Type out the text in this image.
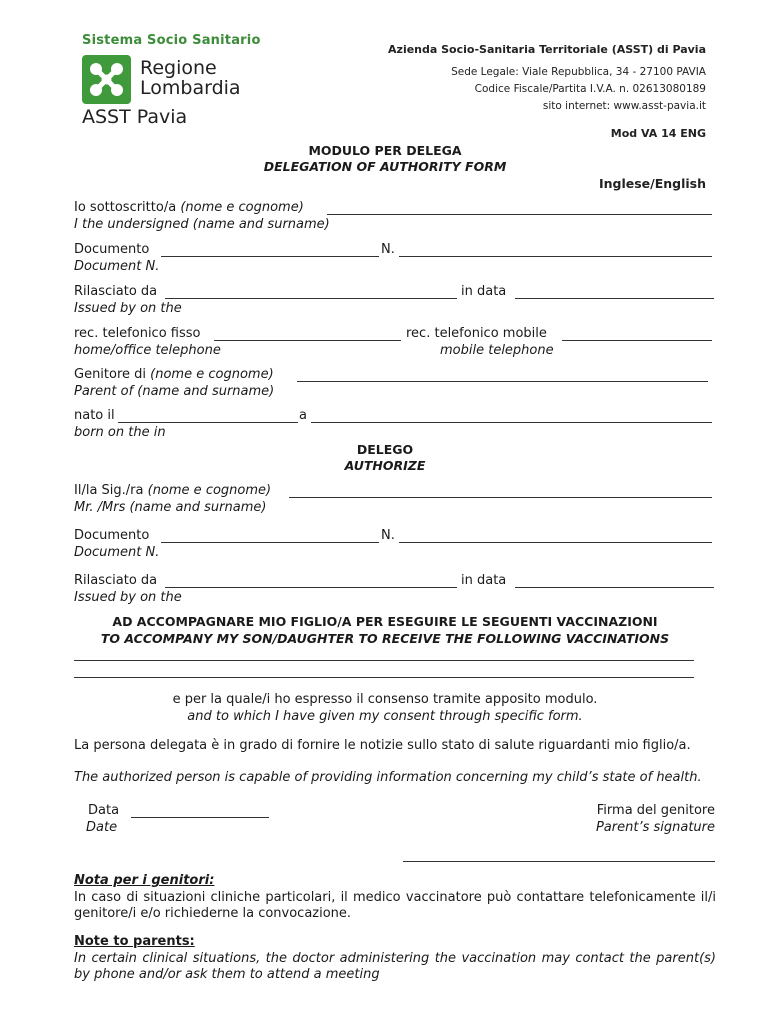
Sistema Socio Sanitario
Regione
Lombardia
ASST Pavia
Azienda Socio-Sanitaria Territoriale (ASST) di Pavia
Sede Legale: Viale Repubblica, 34 - 27100 PAVIA
Codice Fiscale/Partita I.V.A. n. 02613080189
sito internet: www.asst-pavia.it
Mod VA 14 ENG
MODULO PER DELEGA
DELEGATION OF AUTHORITY FORM
Inglese/English
Io sottoscritto/a (nome e cognome)
I the undersigned (name and surname)
Documento	N.
Document N.
Rilasciato da	in data
Issued by on the
rec. telefonico fisso	rec. telefonico mobile
home/office telephone	mobile telephone
Genitore di (nome e cognome)
Parent of (name and surname)
nato il	a
born on the in
DELEGO
AUTHORIZE
Il/la Sig./ra (nome e cognome)
Mr. /Mrs (name and surname)
Documento	N.
Document N.
Rilasciato da	in data
Issued by on the
AD ACCOMPAGNARE MIO FIGLIO/A PER ESEGUIRE LE SEGUENTI VACCINAZIONI
TO ACCOMPANY MY SON/DAUGHTER TO RECEIVE THE FOLLOWING VACCINATIONS
e per la quale/i ho espresso il consenso tramite apposito modulo.
and to which I have given my consent through specific form.
La persona delegata è in grado di fornire le notizie sullo stato di salute riguardanti mio figlio/a.
The authorized person is capable of providing information concerning my child’s state of health.
Data
Date
Firma del genitore
Parent’s signature
Nota per i genitori:
In caso di situazioni cliniche particolari, il medico vaccinatore può contattare telefonicamente il/i genitore/i e/o richiederne la convocazione.
Note to parents:
In certain clinical situations, the doctor administering the vaccination may contact the parent(s) by phone and/or ask them to attend a meeting
